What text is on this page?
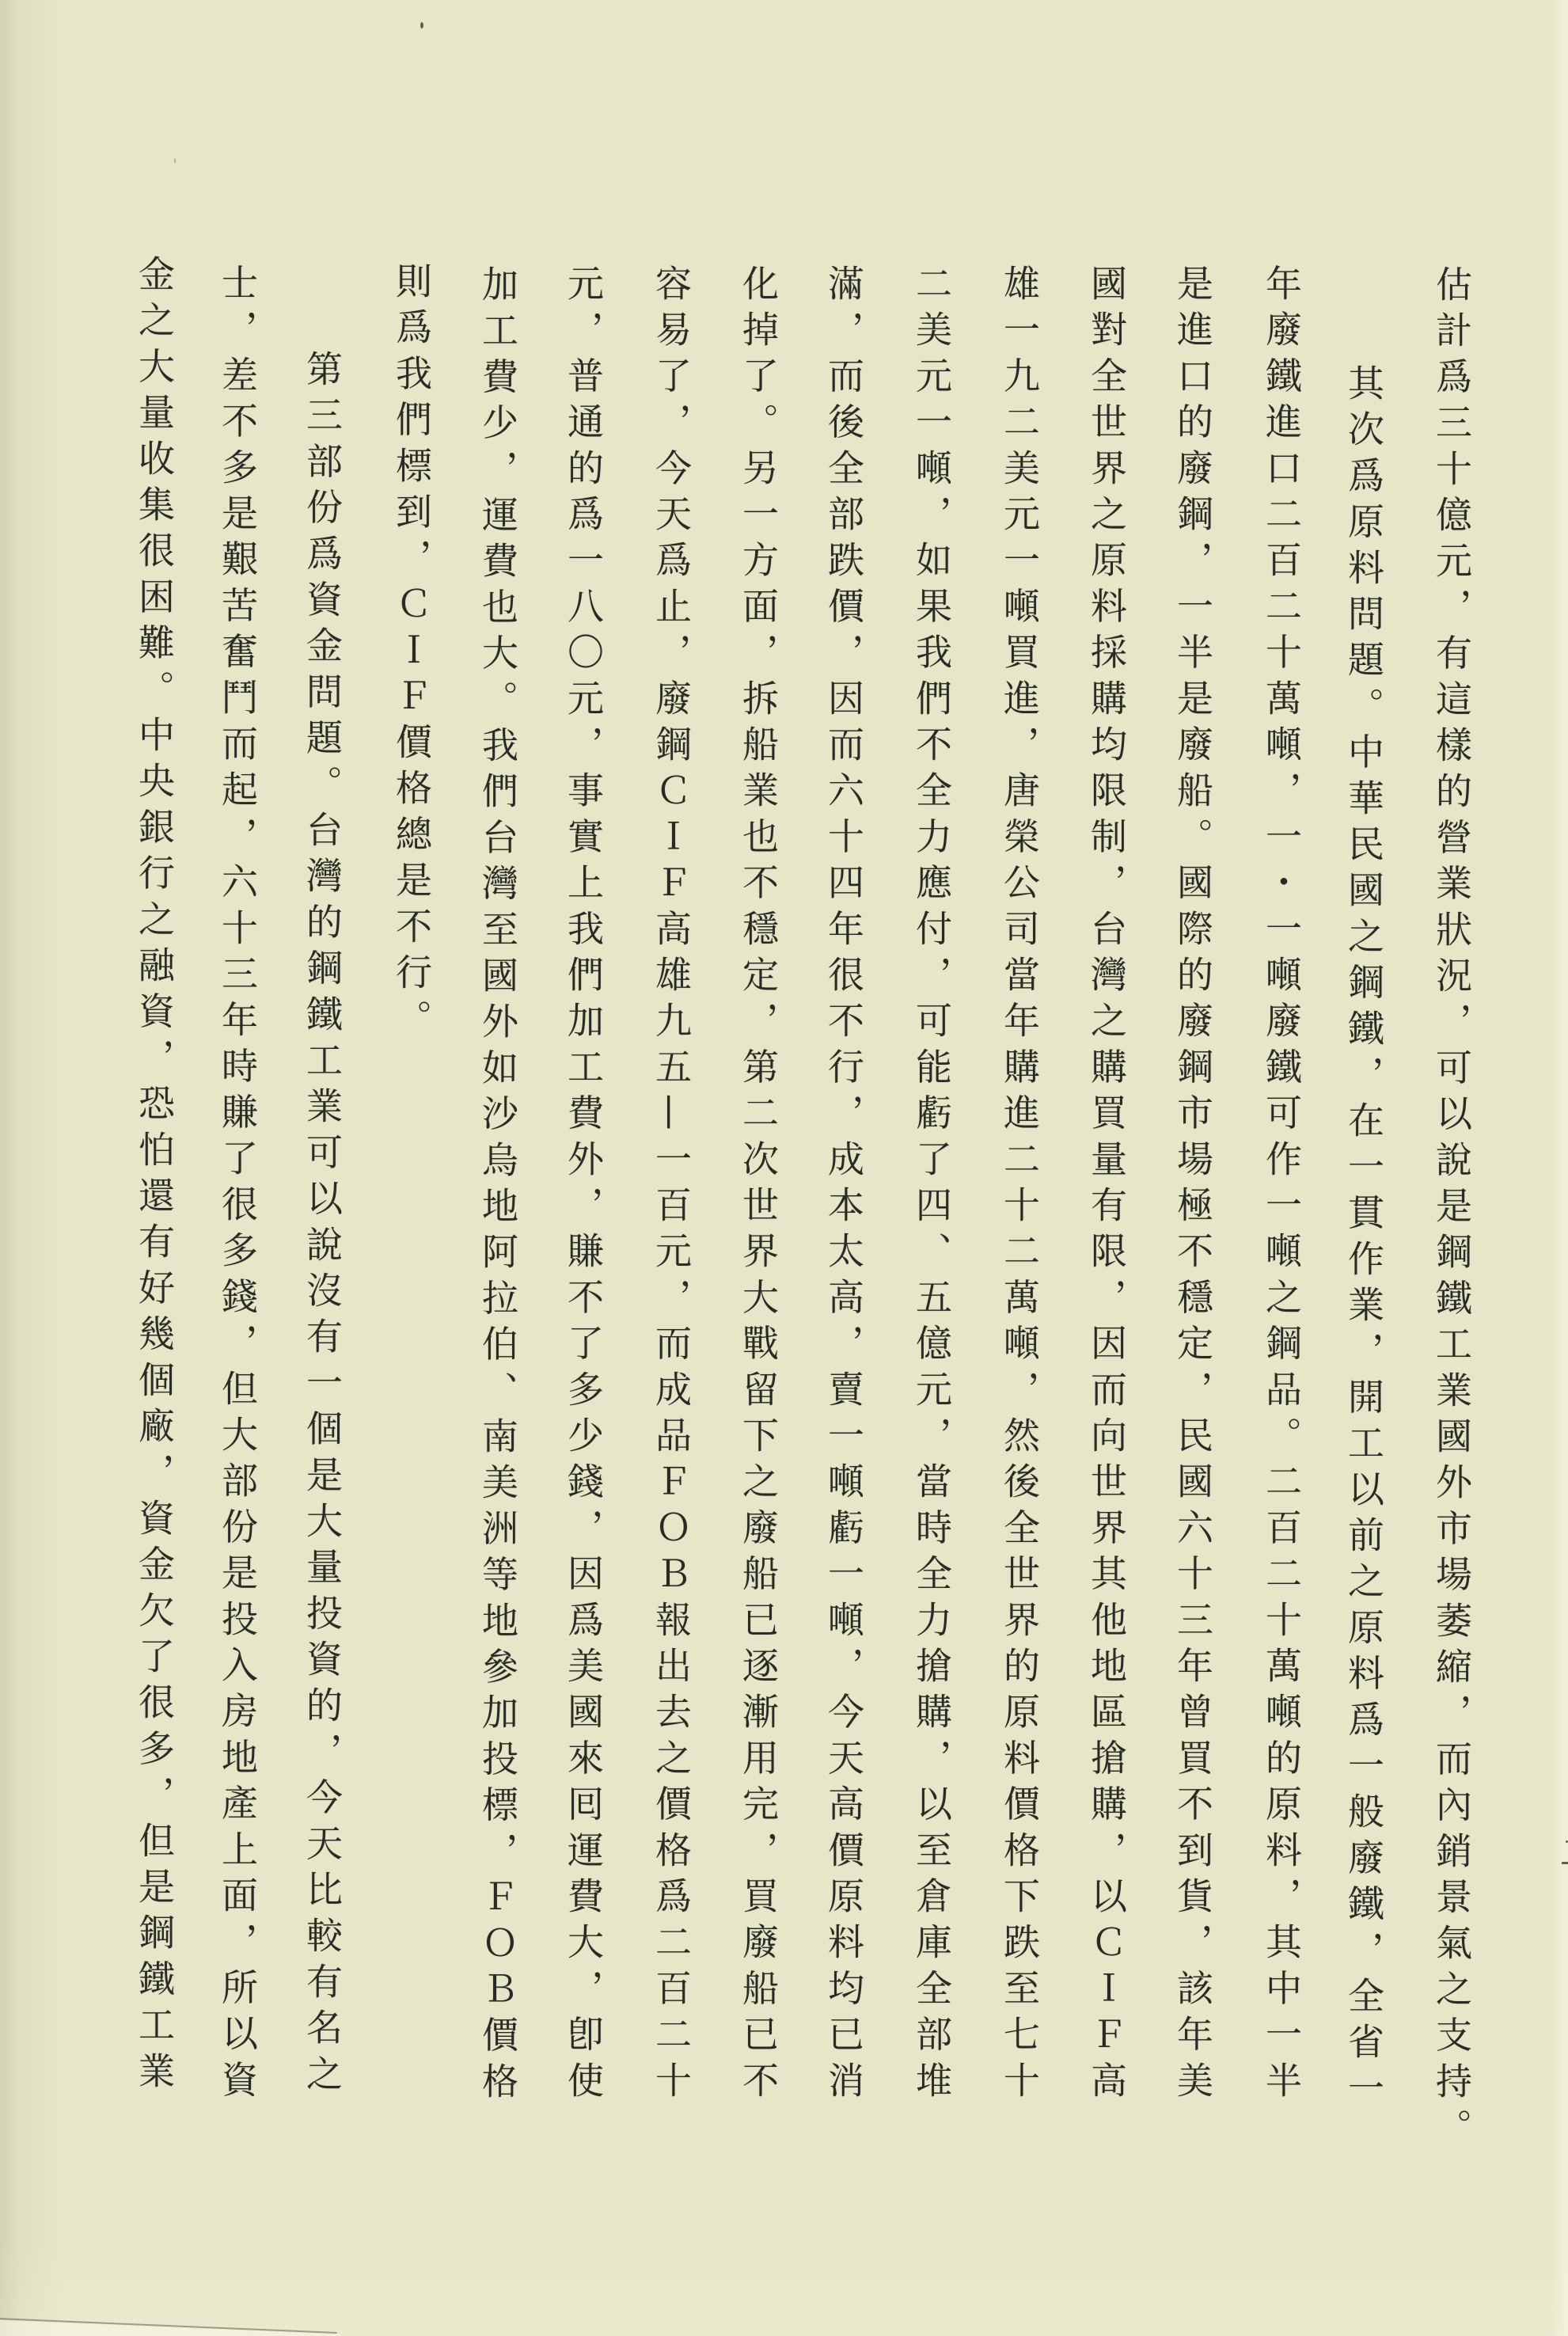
估計爲三十億元，有這樣的營業狀況，可以說是鋼鐵工業國外市場萎縮，而內銷景氣之支持。
其次爲原料問題。中華民國之鋼鐵，在一貫作業，開工以前之原料爲一般廢鐵，全省一
年廢鐵進口二百二十萬噸，一・一噸廢鐵可作一噸之鋼品。二百二十萬噸的原料，其中一半
是進口的廢鋼，一半是廢船。國際的廢鋼市場極不穩定，民國六十三年曾買不到貨，該年美
國對全世界之原料採購均限制，台灣之購買量有限，因而向世界其他地區搶購，以ＣＩＦ高
雄一九二美元一噸買進，唐榮公司當年購進二十二萬噸，然後全世界的原料價格下跌至七十
二美元一噸，如果我們不全力應付，可能虧了四、五億元，當時全力搶購，以至倉庫全部堆
滿，而後全部跌價，因而六十四年很不行，成本太高，賣一噸虧一噸，今天高價原料均已消
化掉了。另一方面，拆船業也不穩定，第二次世界大戰留下之廢船已逐漸用完，買廢船已不
容易了，今天爲止，廢鋼ＣＩＦ高雄九五—一百元，而成品ＦＯＢ報出去之價格爲二百二十
元，普通的爲一八〇元，事實上我們加工費外，賺不了多少錢，因爲美國來囘運費大，卽使
加工費少，運費也大。我們台灣至國外如沙烏地阿拉伯、南美洲等地參加投標，ＦＯＢ價格
則爲我們標到，ＣＩＦ價格總是不行。
第三部份爲資金問題。台灣的鋼鐵工業可以說沒有一個是大量投資的，今天比較有名之
士，差不多是艱苦奮鬥而起，六十三年時賺了很多錢，但大部份是投入房地產上面，所以資
金之大量收集很困難。中央銀行之融資，恐怕還有好幾個廠，資金欠了很多，但是鋼鐵工業
